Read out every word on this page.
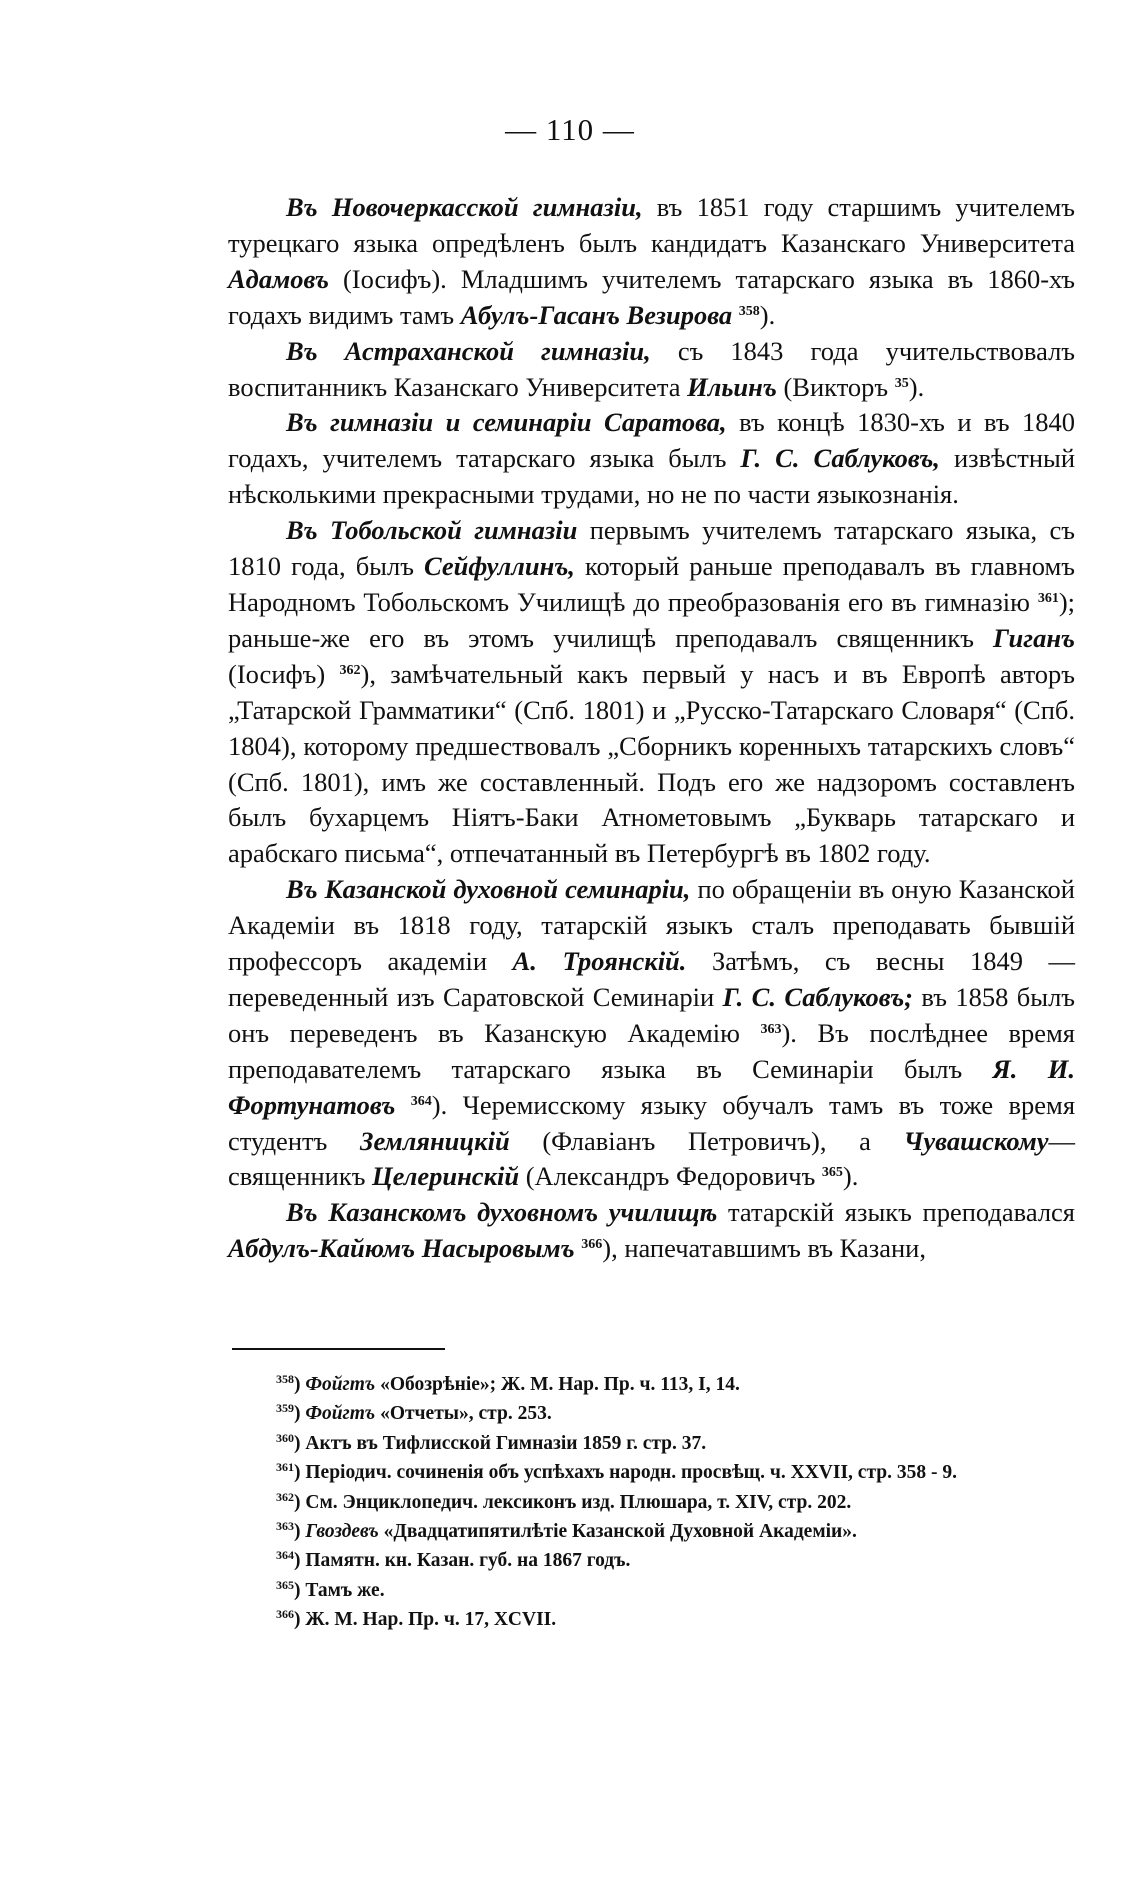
— 110 —

Въ Новочеркасской гимназіи, въ 1851 году старшимъ учителемъ турецкаго языка опредѣленъ былъ кандидатъ Казанскаго Университета Адамовъ (Іосифъ). Младшимъ учителемъ татарскаго языка въ 1860-хъ годахъ видимъ тамъ Абулъ-Гасанъ Везирова $^{358}$).

Въ Астраханской гимназіи, съ 1843 года учительствовалъ воспитанникъ Казанскаго Университета Ильинъ (Викторъ $^{35}$).

Въ гимназіи и семинаріи Саратова, въ концѣ 1830-хъ и въ 1840 годахъ, учителемъ татарскаго языка былъ Г. С. Саблуковъ, извѣстный нѣсколькими прекрасными трудами, но не по части языкознанія.

Въ Тобольской гимназіи первымъ учителемъ татарскаго языка, съ 1810 года, былъ Сейфуллинъ, который раньше преподавалъ въ главномъ Народномъ Тобольскомъ Училищѣ до преобразованія его въ гимназію $^{361}$); раньше-же его въ этомъ училищѣ преподавалъ священникъ Гиганъ (Іосифъ) $^{362}$), замѣчательный какъ первый у насъ и въ Европѣ авторъ „Татарской Грамматики“ (Спб. 1801) и „Русско-Татарскаго Словаря“ (Спб. 1804), которому предшествовалъ „Сборникъ коренныхъ татарскихъ словъ“ (Спб. 1801), имъ же составленный. Подъ его же надзоромъ составленъ былъ бухарцемъ Ніятъ-Баки Атнометовымъ „Букварь татарскаго и арабскаго письма“, отпечатанный въ Петербургѣ въ 1802 году.

Въ Казанской духовной семинаріи, по обращеніи въ оную Казанской Академіи въ 1818 году, татарскій языкъ сталъ преподавать бывшій профессоръ академіи А. Троянскій. Затѣмъ, съ весны 1849 — переведенный изъ Саратовской Семинаріи Г. С. Саблуковъ; въ 1858 былъ онъ переведенъ въ Казанскую Академію $^{363}$). Въ послѣднее время преподавателемъ татарскаго языка въ Семинаріи былъ Я. И. Фортунатовъ $^{364}$). Черемисскому языку обучалъ тамъ въ тоже время студентъ Земляницкій (Флавіанъ Петровичъ), а Чувашскому—священникъ Целеринскій (Александръ Федоровичъ $^{365}$).

Въ Казанскомъ духовномъ училищѣ татарскій языкъ преподавался Абдулъ-Кайюмъ Насыровымъ $^{366}$), напечатавшимъ въ Казани,

$^{358}$) Фойгтъ «Обозрѣніе»; Ж. М. Нар. Пр. ч. 113, I, 14.

$^{359}$) Фойгтъ «Отчеты», стр. 253.

$^{360}$) Актъ въ Тифлисской Гимназіи 1859 г. стр. 37.

$^{361}$) Періодич. сочиненія объ успѣхахъ народн. просвѣщ. ч. XXVII, стр. 358 - 9.

$^{362}$) См. Энциклопедич. лексиконъ изд. Плюшара, т. XIV, стр. 202.

$^{363}$) Гвоздевъ «Двадцатипятилѣтіе Казанской Духовной Академіи».

$^{364}$) Памятн. кн. Казан. губ. на 1867 годъ.

$^{365}$) Тамъ же.

$^{366}$) Ж. М. Нар. Пр. ч. 17, XCVII.
